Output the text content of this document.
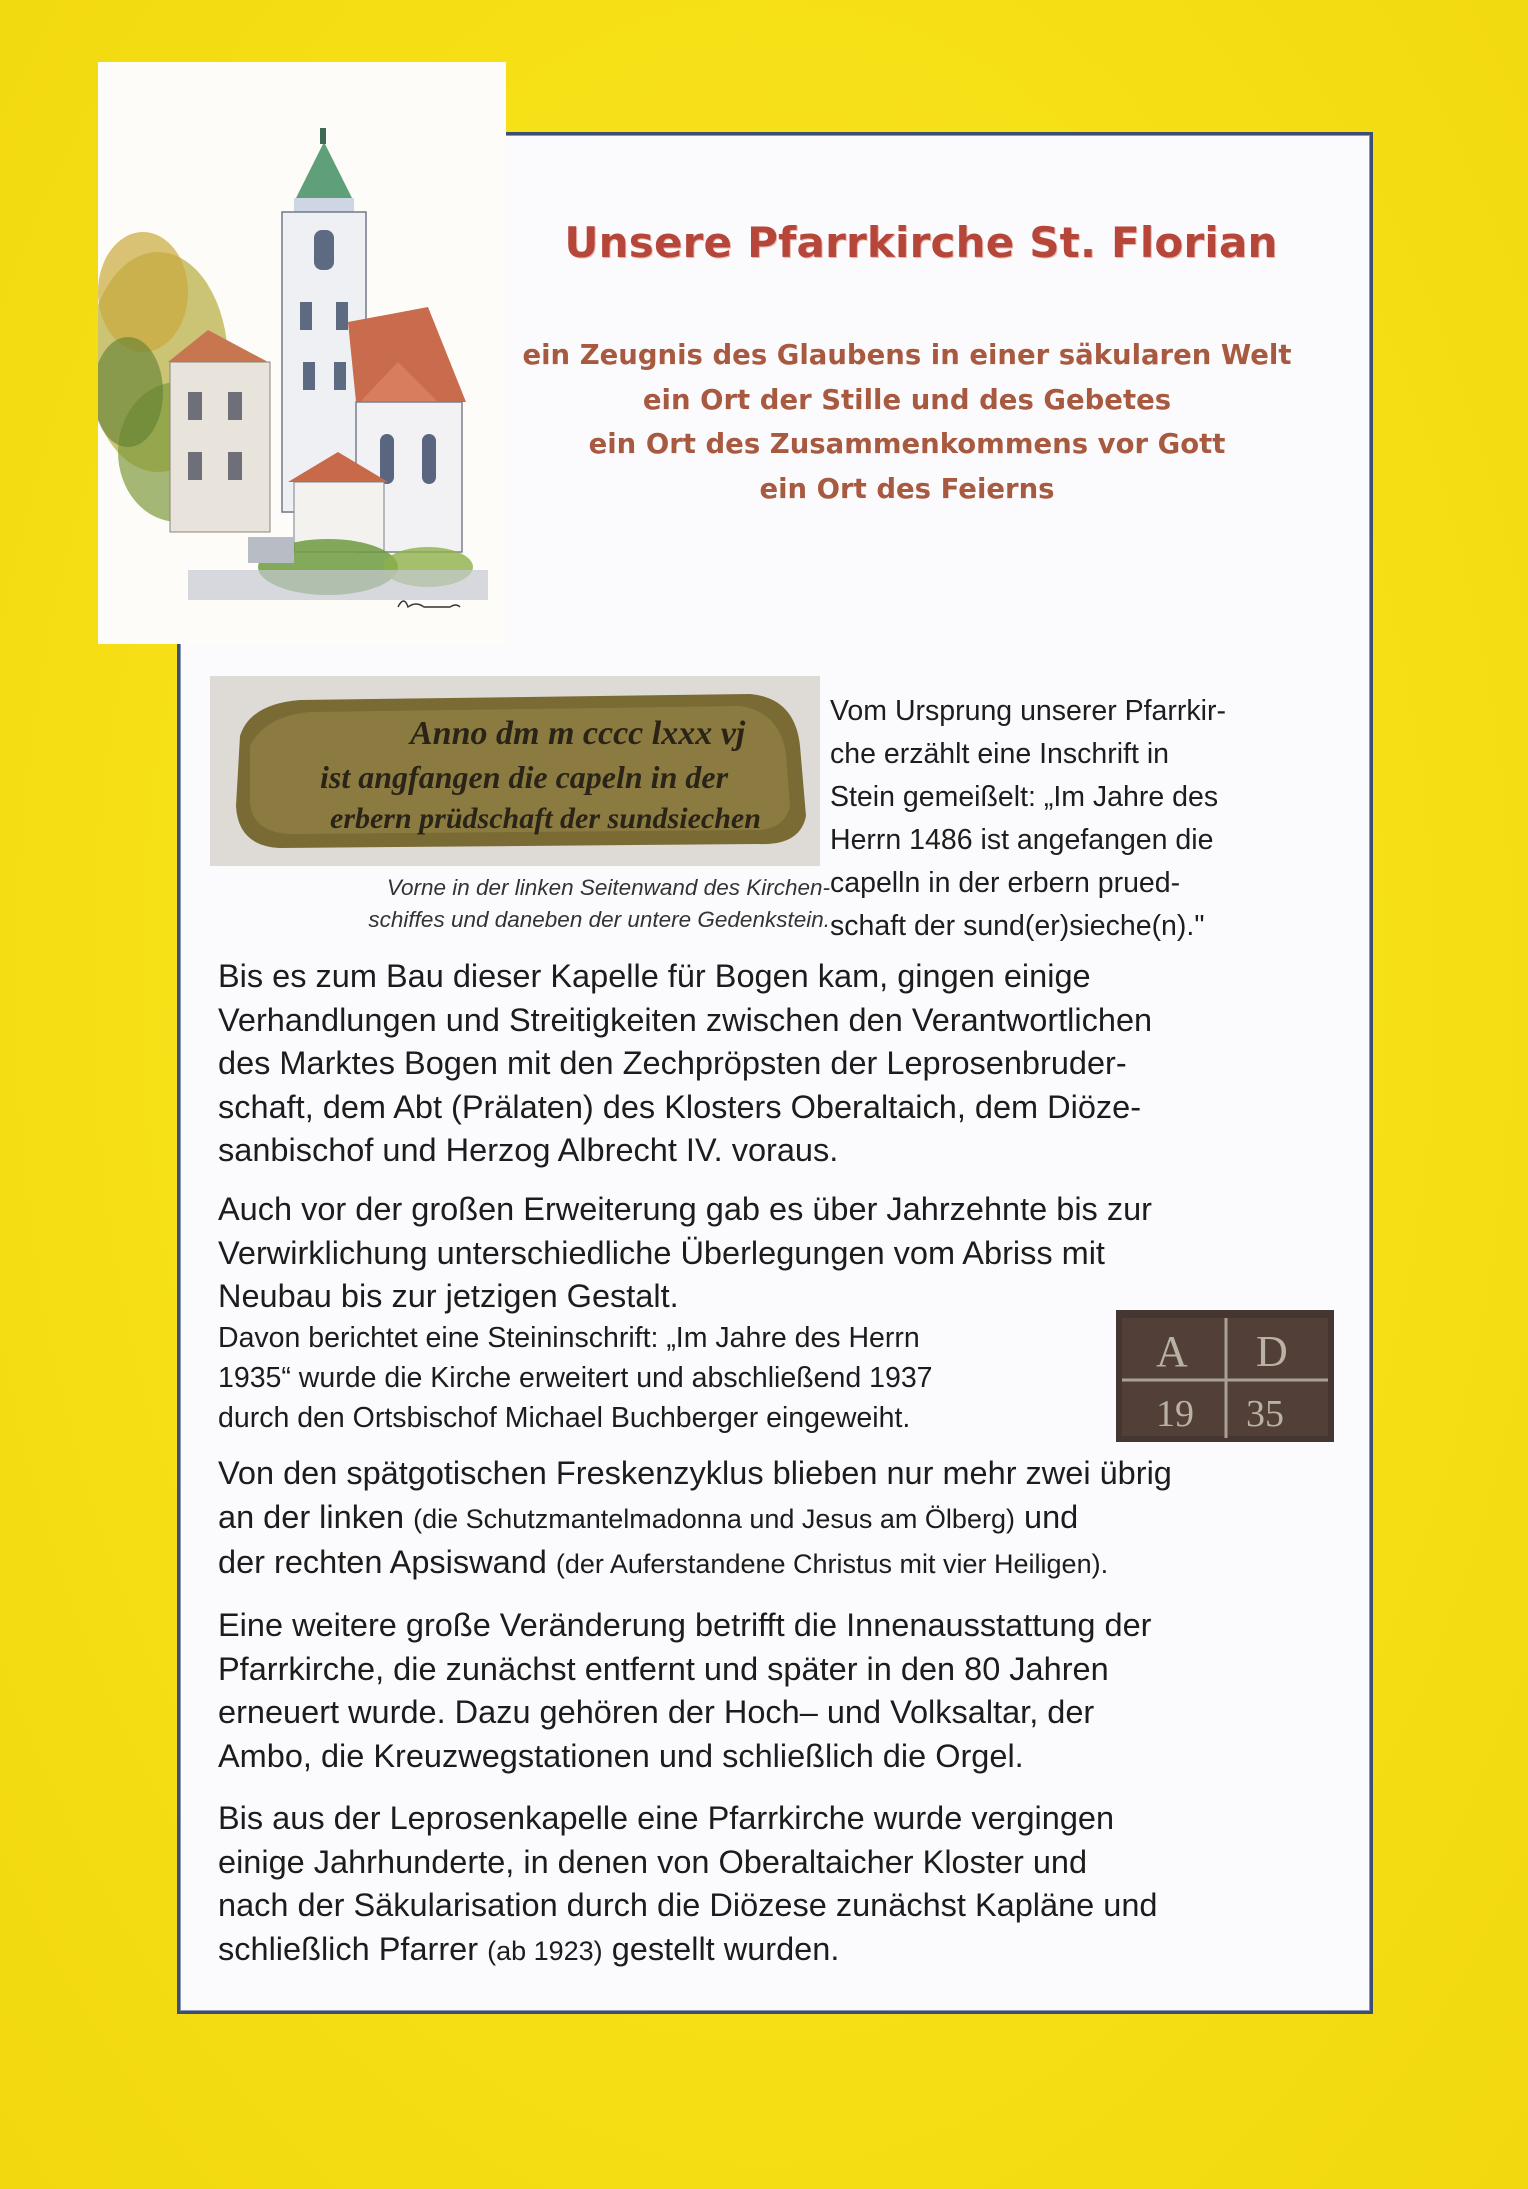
Unsere Pfarrkirche St. Florian
ein Zeugnis des Glaubens in einer säkularen Welt
ein Ort der Stille und des Gebetes
ein Ort des Zusammenkommens vor Gott
ein Ort des Feierns
Anno dm m cccc lxxx vj
ist angfangen die capeln in der
erbern prüdschaft der sundsiechen
Vorne in der linken Seitenwand des Kirchen-
schiffes und daneben der untere Gedenkstein.
Vom Ursprung unserer Pfarrkir-
che erzählt eine Inschrift in
Stein gemeißelt: „Im Jahre des
Herrn 1486 ist angefangen die
capelln in der erbern prued-
schaft der sund(er)sieche(n)."
Bis es zum Bau dieser Kapelle für Bogen kam, gingen einige
Verhandlungen und Streitigkeiten zwischen den Verantwortlichen
des Marktes Bogen mit den Zechpröpsten der Leprosenbruder-
schaft, dem Abt (Prälaten) des Klosters Oberaltaich, dem Diöze-
sanbischof und Herzog Albrecht IV. voraus.
Auch vor der großen Erweiterung gab es über Jahrzehnte bis zur
Verwirklichung unterschiedliche Überlegungen vom Abriss mit
Neubau bis zur jetzigen Gestalt.
Davon berichtet eine Steininschrift: „Im Jahre des Herrn
1935“ wurde die Kirche erweitert und abschließend 1937
durch den Ortsbischof Michael Buchberger eingeweiht.
A D
19 35
Von den spätgotischen Freskenzyklus blieben nur mehr zwei übrig
an der linken (die Schutzmantelmadonna und Jesus am Ölberg) und
der rechten Apsiswand (der Auferstandene Christus mit vier Heiligen).
Eine weitere große Veränderung betrifft die Innenausstattung der
Pfarrkirche, die zunächst entfernt und später in den 80 Jahren
erneuert wurde. Dazu gehören der Hoch– und Volksaltar, der
Ambo, die Kreuzwegstationen und schließlich die Orgel.
Bis aus der Leprosenkapelle eine Pfarrkirche wurde vergingen
einige Jahrhunderte, in denen von Oberaltaicher Kloster und
nach der Säkularisation durch die Diözese zunächst Kapläne und
schließlich Pfarrer (ab 1923) gestellt wurden.
